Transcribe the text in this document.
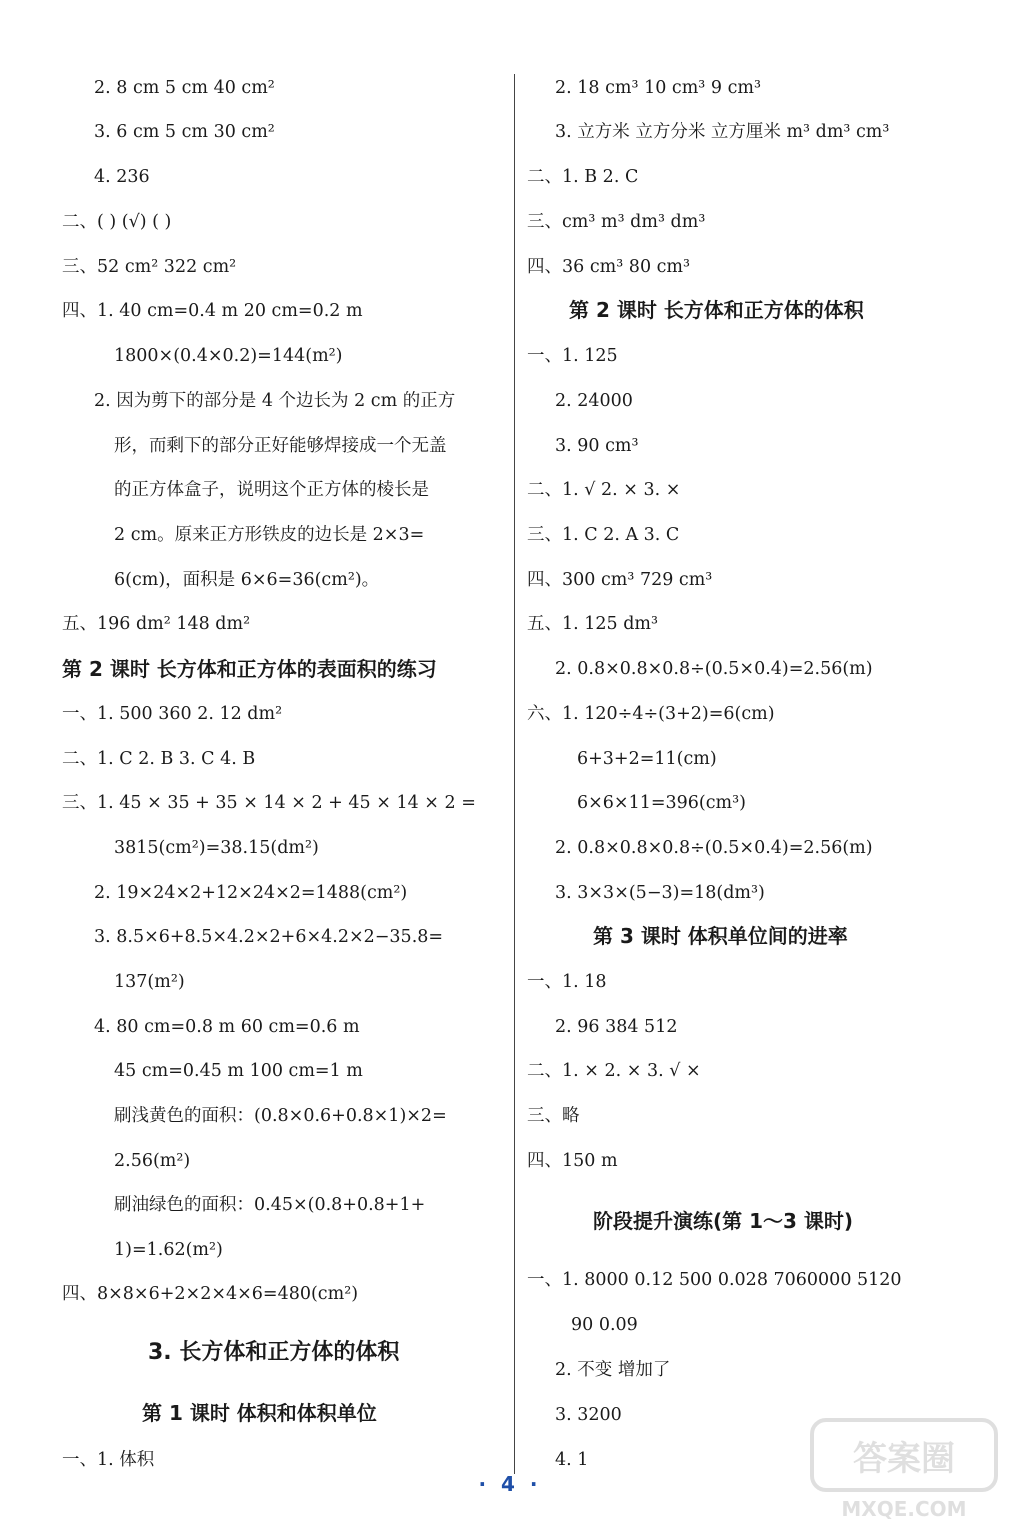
2. 8 cm 5 cm 40 cm²
3. 6 cm 5 cm 30 cm²
4. 236
二、( ) (√) ( )
三、52 cm² 322 cm²
四、1. 40 cm=0.4 m 20 cm=0.2 m
1800×(0.4×0.2)=144(m²)
2. 因为剪下的部分是 4 个边长为 2 cm 的正方
形，而剩下的部分正好能够焊接成一个无盖
的正方体盒子，说明这个正方体的棱长是
2 cm。原来正方形铁皮的边长是 2×3=
6(cm)，面积是 6×6=36(cm²)。
五、196 dm² 148 dm²
第 2 课时 长方体和正方体的表面积的练习
一、1. 500 360 2. 12 dm²
二、1. C 2. B 3. C 4. B
三、1. 45 × 35 + 35 × 14 × 2 + 45 × 14 × 2 =
3815(cm²)=38.15(dm²)
2. 19×24×2+12×24×2=1488(cm²)
3. 8.5×6+8.5×4.2×2+6×4.2×2−35.8=
137(m²)
4. 80 cm=0.8 m 60 cm=0.6 m
45 cm=0.45 m 100 cm=1 m
刷浅黄色的面积：(0.8×0.6+0.8×1)×2=
2.56(m²)
刷油绿色的面积：0.45×(0.8+0.8+1+
1)=1.62(m²)
四、8×8×6+2×2×4×6=480(cm²)
3. 长方体和正方体的体积
第 1 课时 体积和体积单位
一、1. 体积
2. 18 cm³ 10 cm³ 9 cm³
3. 立方米 立方分米 立方厘米 m³ dm³ cm³
二、1. B 2. C
三、cm³ m³ dm³ dm³
四、36 cm³ 80 cm³
第 2 课时 长方体和正方体的体积
一、1. 125
2. 24000
3. 90 cm³
二、1. √ 2. × 3. ×
三、1. C 2. A 3. C
四、300 cm³ 729 cm³
五、1. 125 dm³
2. 0.8×0.8×0.8÷(0.5×0.4)=2.56(m)
六、1. 120÷4÷(3+2)=6(cm)
6+3+2=11(cm)
6×6×11=396(cm³)
2. 0.8×0.8×0.8÷(0.5×0.4)=2.56(m)
3. 3×3×(5−3)=18(dm³)
第 3 课时 体积单位间的进率
一、1. 18
2. 96 384 512
二、1. × 2. × 3. √ ×
三、略
四、150 m
阶段提升演练(第 1～3 课时)
一、1. 8000 0.12 500 0.028 7060000 5120
90 0.09
2. 不变 增加了
3. 3200
4. 1
· 4 ·
答案圈
MXQE.COM
